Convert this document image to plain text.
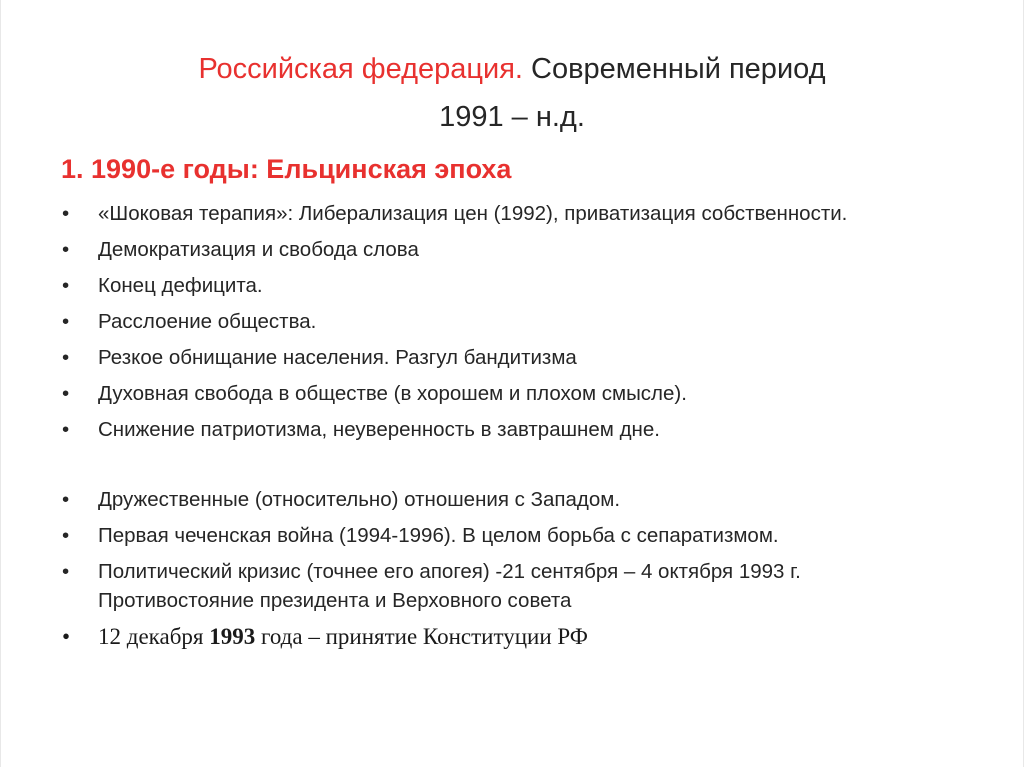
Российская федерация. Современный период
1991 – н.д.
1. 1990-е годы: Ельцинская эпоха
• «Шоковая терапия»: Либерализация цен (1992), приватизация собственности.
• Демократизация и свобода слова
• Конец дефицита.
• Расслоение общества.
• Резкое обнищание населения. Разгул бандитизма
• Духовная свобода в обществе (в хорошем и плохом смысле).
• Снижение патриотизма, неуверенность в завтрашнем дне.
• Дружественные (относительно) отношения с Западом.
• Первая чеченская война (1994-1996). В целом борьба с сепаратизмом.
• Политический кризис (точнее его апогея) -21 сентября – 4 октября 1993 г. Противостояние президента и Верховного совета
• 12 декабря 1993 года – принятие Конституции РФ
